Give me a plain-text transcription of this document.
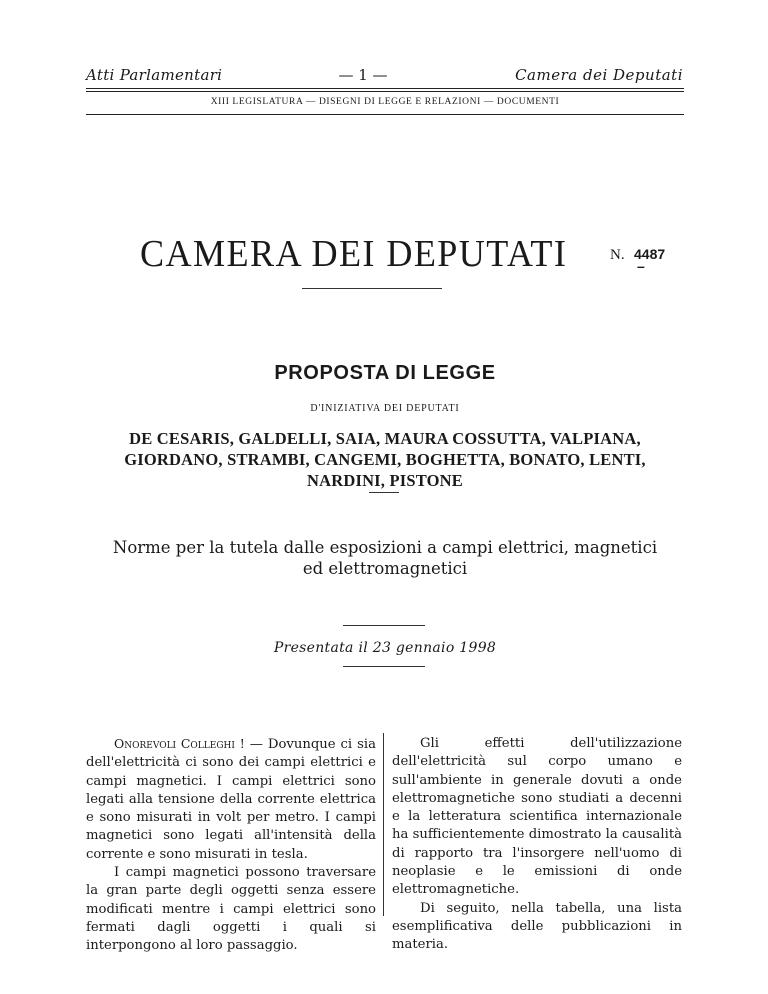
Atti Parlamentari	— 1 —	Camera dei Deputati
XIII LEGISLATURA — DISEGNI DI LEGGE E RELAZIONI — DOCUMENTI
CAMERA DEI DEPUTATI	N. 4487
–
PROPOSTA DI LEGGE
D'INIZIATIVA DEI DEPUTATI
DE CESARIS, GALDELLI, SAIA, MAURA COSSUTTA, VALPIANA, GIORDANO, STRAMBI, CANGEMI, BOGHETTA, BONATO, LENTI, NARDINI, PISTONE
Norme per la tutela dalle esposizioni a campi elettrici, magnetici ed elettromagnetici
Presentata il 23 gennaio 1998

Onorevoli Colleghi ! — Dovunque ci sia dell'elettricità ci sono dei campi elettrici e campi magnetici. I campi elettrici sono legati alla tensione della corrente elettrica e sono misurati in volt per metro. I campi magnetici sono legati all'intensità della corrente e sono misurati in tesla.

I campi magnetici possono traversare la gran parte degli oggetti senza essere modificati mentre i campi elettrici sono fermati dagli oggetti i quali si interpongono al loro passaggio.

Gli effetti dell'utilizzazione dell'elettricità sul corpo umano e sull'ambiente in generale dovuti a onde elettromagnetiche sono studiati a decenni e la letteratura scientifica internazionale ha sufficientemente dimostrato la causalità di rapporto tra l'insorgere nell'uomo di neoplasie e le emissioni di onde elettromagnetiche.

Di seguito, nella tabella, una lista esemplificativa delle pubblicazioni in materia.
